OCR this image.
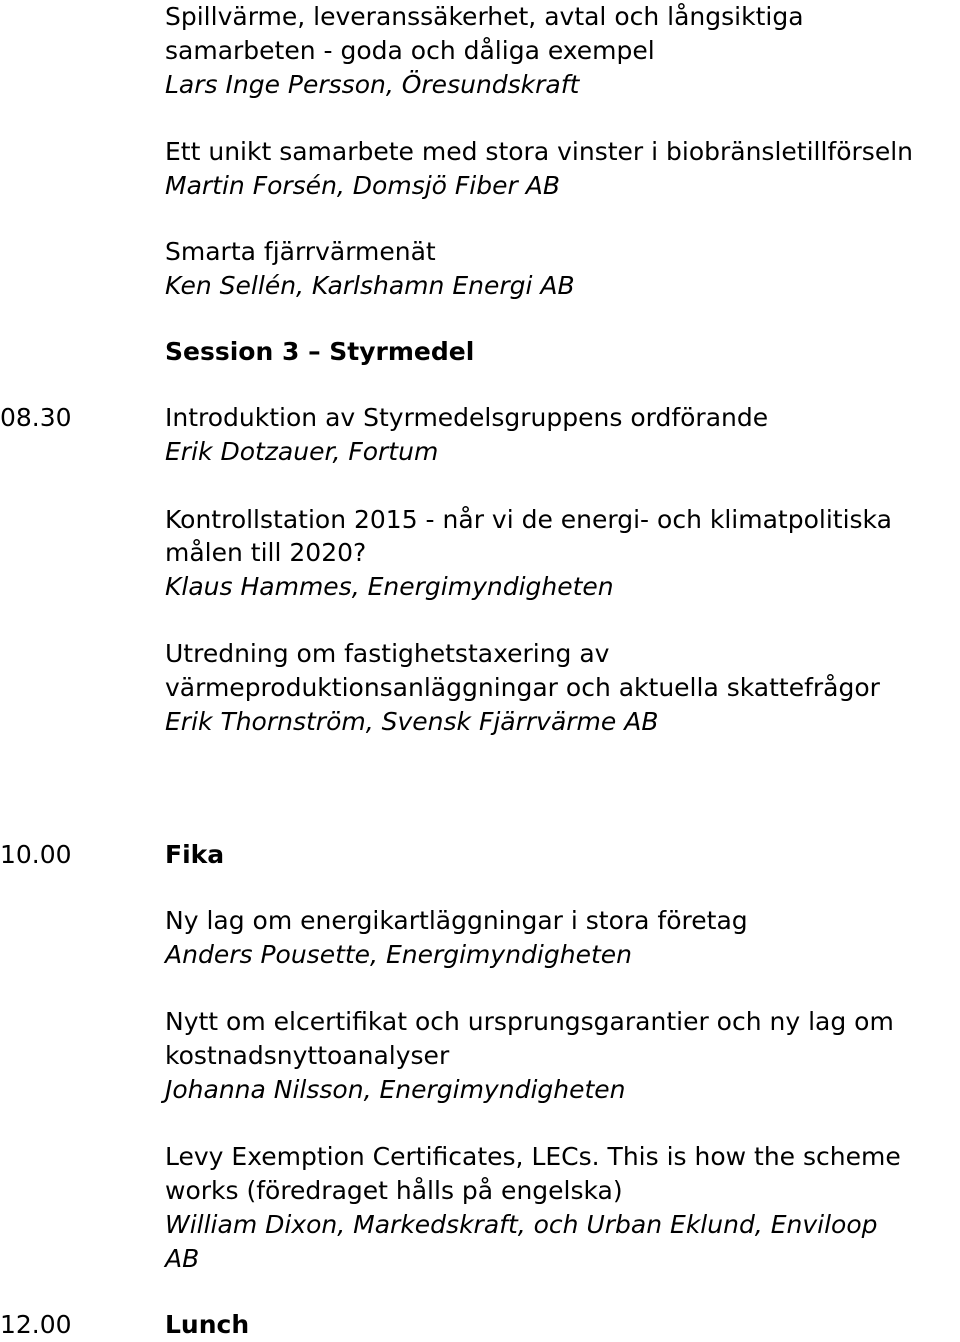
Spillvärme, leveranssäkerhet, avtal och långsiktiga
samarbeten - goda och dåliga exempel
Lars Inge Persson, Öresundskraft
Ett unikt samarbete med stora vinster i biobränsletillförseln
Martin Forsén, Domsjö Fiber AB
Smarta fjärrvärmenät
Ken Sellén, Karlshamn Energi AB
Session 3 – Styrmedel
08.30	Introduktion av Styrmedelsgruppens ordförande
Erik Dotzauer, Fortum
Kontrollstation 2015 - når vi de energi- och klimatpolitiska
målen till 2020?
Klaus Hammes, Energimyndigheten
Utredning om fastighetstaxering av
värmeproduktionsanläggningar och aktuella skattefrågor
Erik Thornström, Svensk Fjärrvärme AB
10.00	Fika
Ny lag om energikartläggningar i stora företag
Anders Pousette, Energimyndigheten
Nytt om elcertifikat och ursprungsgarantier och ny lag om
kostnadsnyttoanalyser
Johanna Nilsson, Energimyndigheten
Levy Exemption Certificates, LECs. This is how the scheme
works (föredraget hålls på engelska)
William Dixon, Markedskraft, och Urban Eklund, Enviloop
AB
12.00	Lunch
